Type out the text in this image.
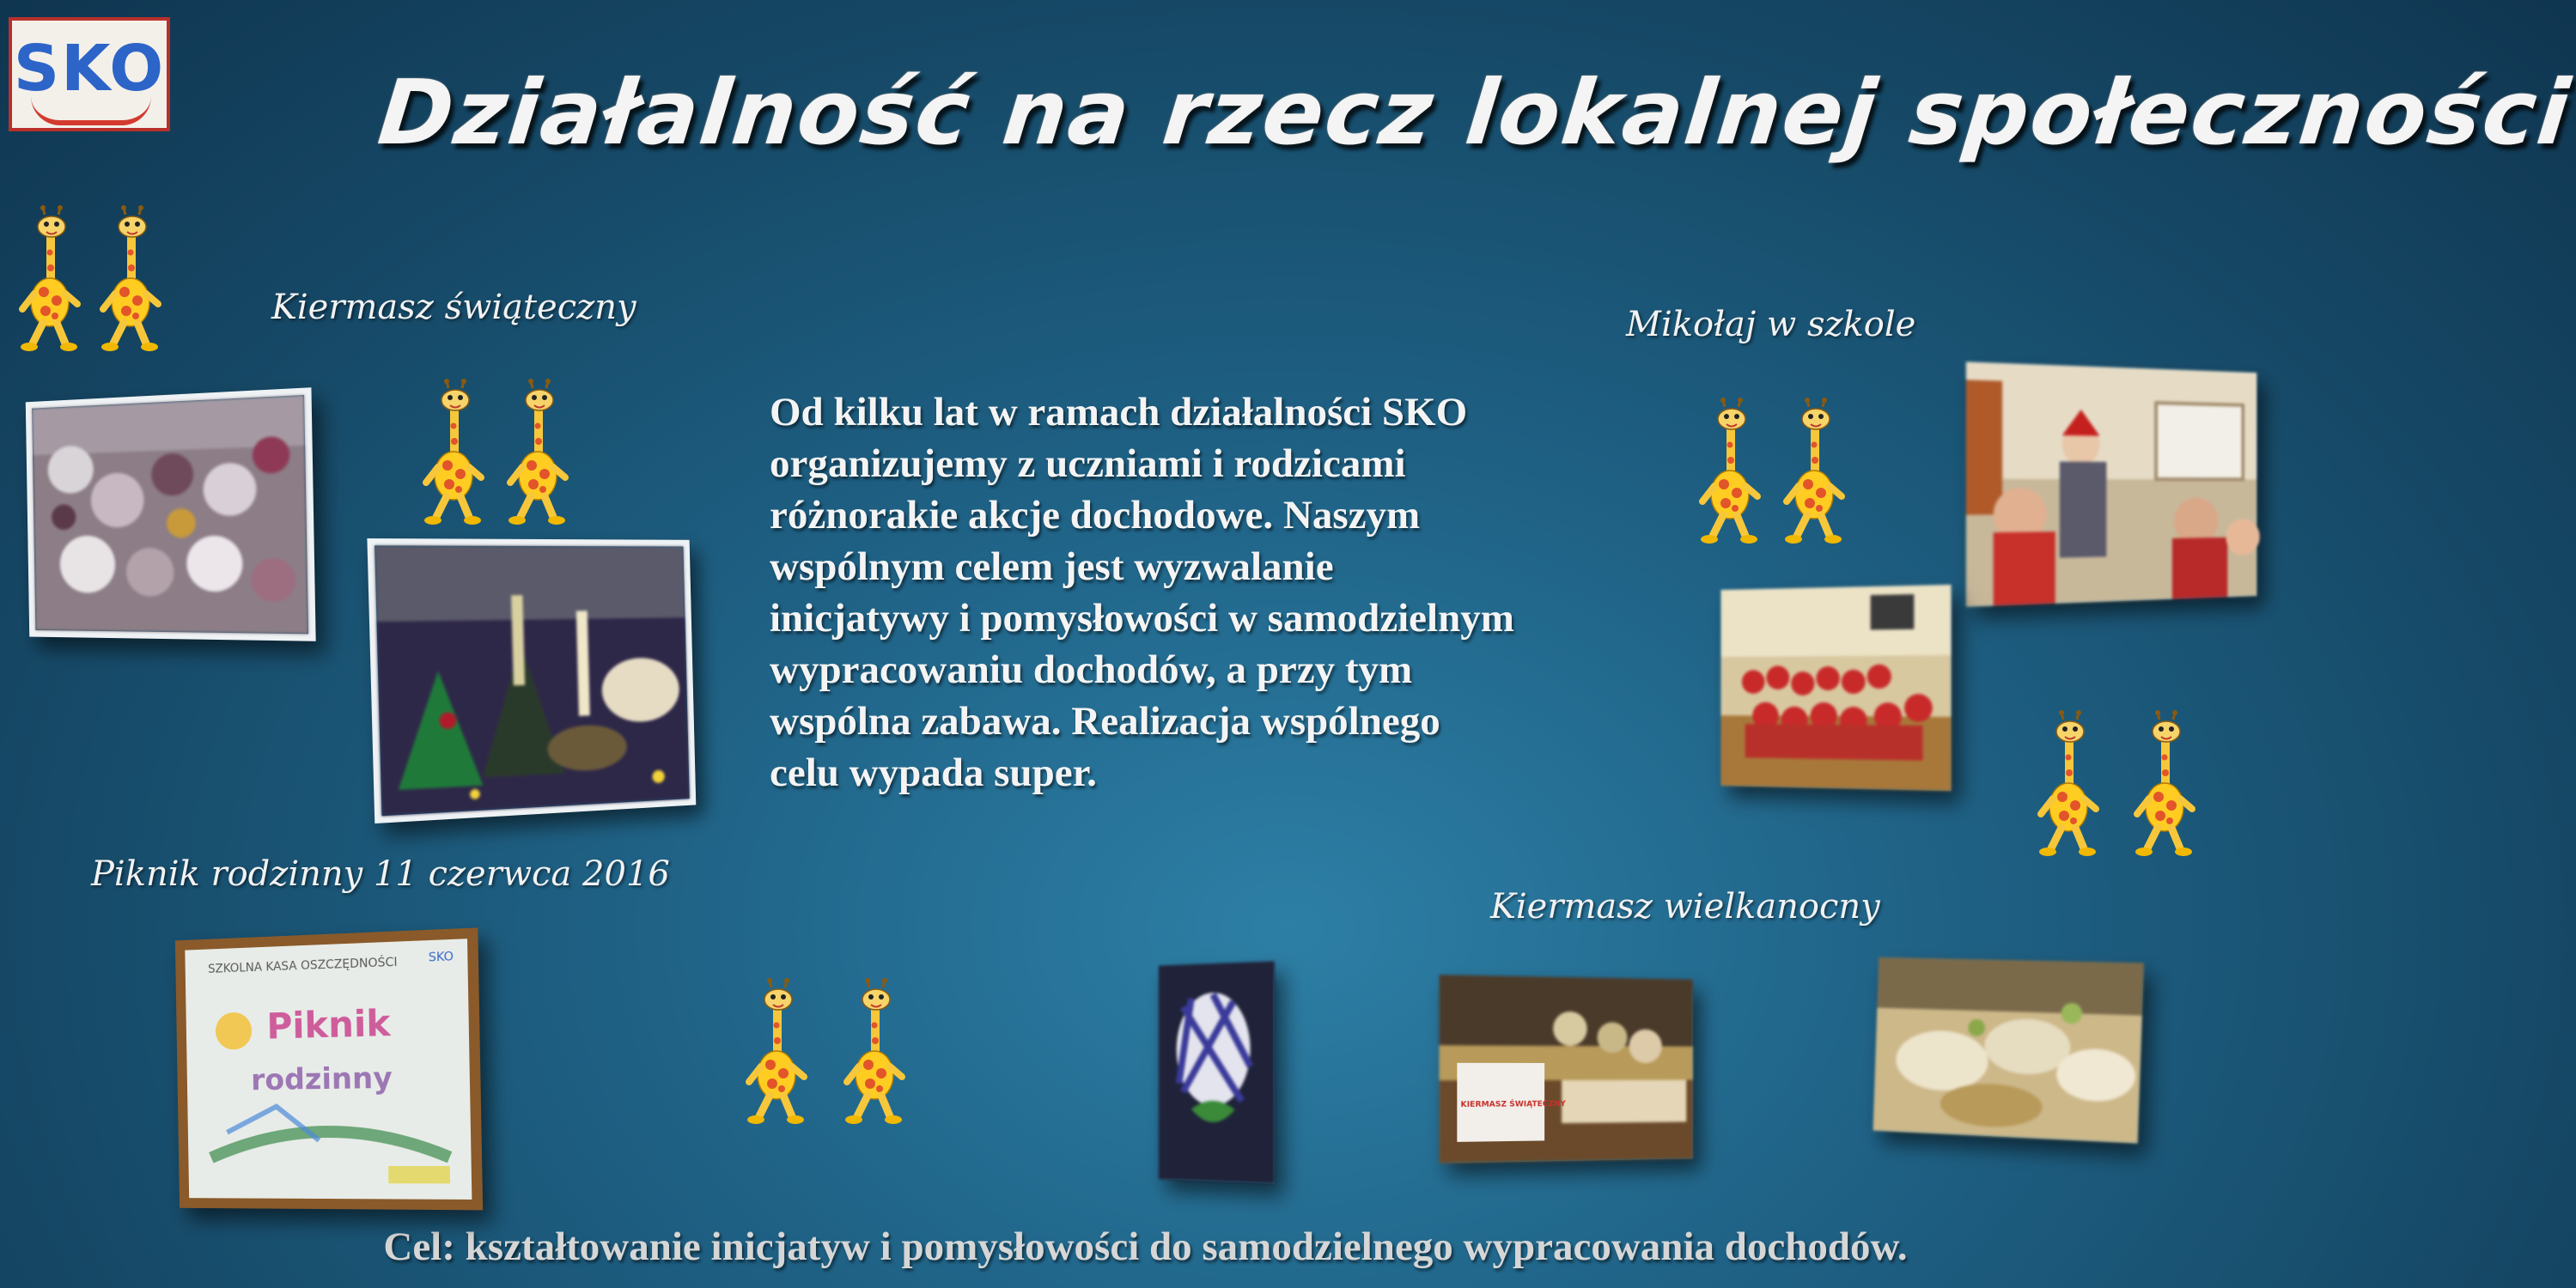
SKO Działalność na rzecz lokalnej społeczności
Kiermasz świąteczny	Mikołaj w szkole
Piknik rodzinny 11 czerwca 2016
Kiermasz wielkanocny
Od kilku lat w ramach działalności SKO
organizujemy z uczniami i rodzicami
różnorakie akcje dochodowe. Naszym
wspólnym celem jest wyzwalanie
inicjatywy i pomysłowości w samodzielnym
wypracowaniu dochodów, a przy tym
wspólna zabawa. Realizacja wspólnego
celu wypada super.
Cel: kształtowanie inicjatyw i pomysłowości do samodzielnego wypracowania dochodów.
SZKOLNA KASA OSZCZĘDNOŚCI	SKO
Piknik
rodzinny
KIERMASZ ŚWIĄTECZNY
